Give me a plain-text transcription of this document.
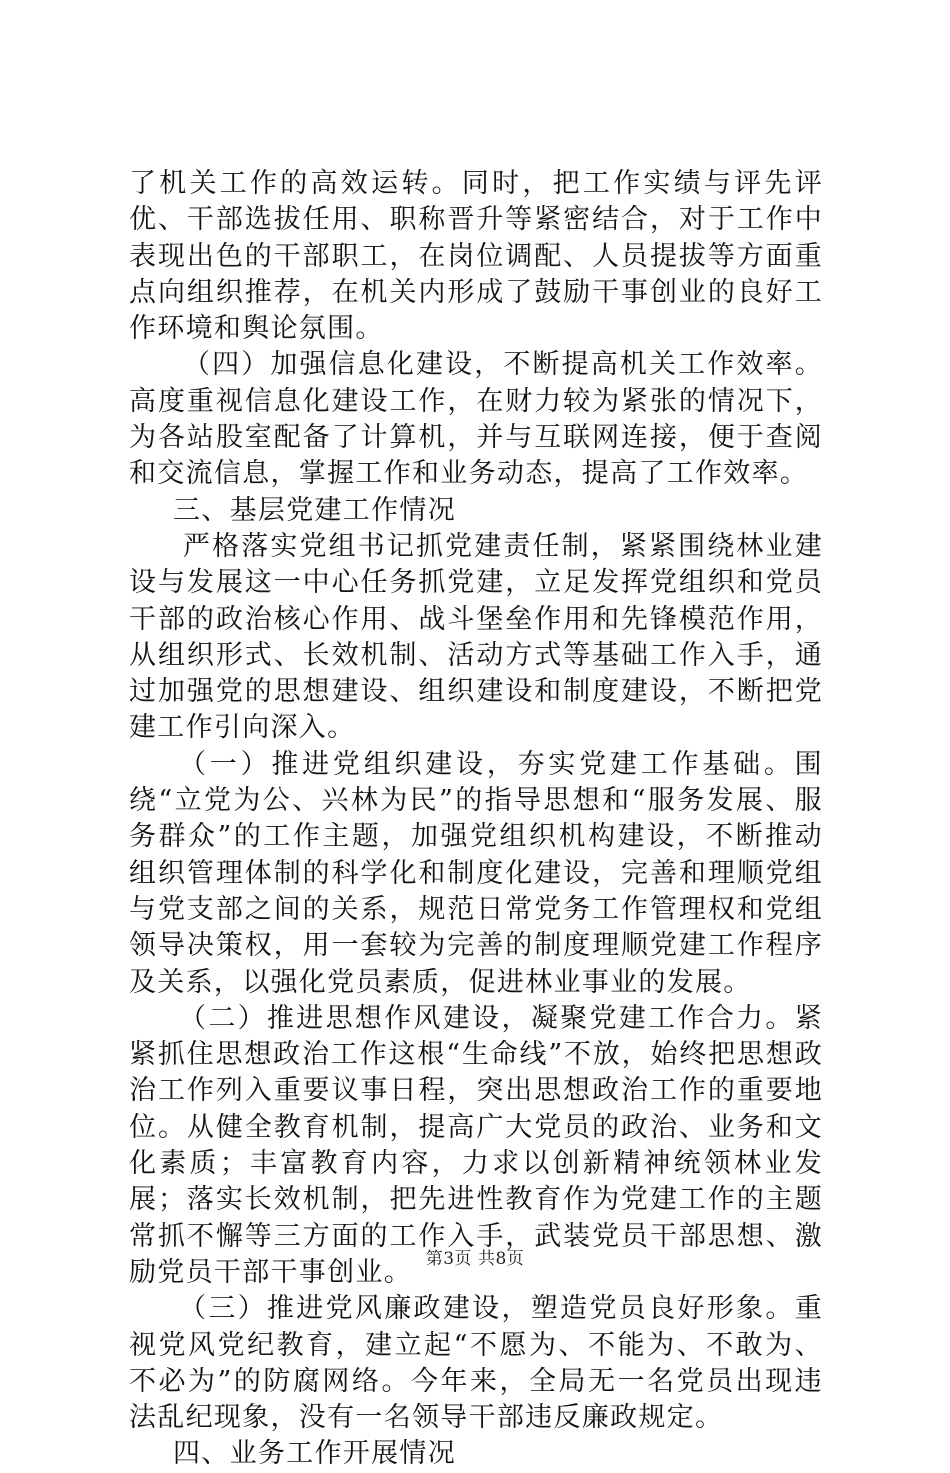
了机关工作的高效运转。同时，把工作实绩与评先评优、干部选拔任用、职称晋升等紧密结合，对于工作中表现出色的干部职工，在岗位调配、人员提拔等方面重点向组织推荐，在机关内形成了鼓励干事创业的良好工作环境和舆论氛围。

（四）加强信息化建设，不断提高机关工作效率。高度重视信息化建设工作，在财力较为紧张的情况下，为各站股室配备了计算机，并与互联网连接，便于查阅和交流信息，掌握工作和业务动态，提高了工作效率。

三、基层党建工作情况

严格落实党组书记抓党建责任制，紧紧围绕林业建设与发展这一中心任务抓党建，立足发挥党组织和党员干部的政治核心作用、战斗堡垒作用和先锋模范作用，从组织形式、长效机制、活动方式等基础工作入手，通过加强党的思想建设、组织建设和制度建设，不断把党建工作引向深入。

（一）推进党组织建设，夯实党建工作基础。围绕“立党为公、兴林为民”的指导思想和“服务发展、服务群众”的工作主题，加强党组织机构建设，不断推动组织管理体制的科学化和制度化建设，完善和理顺党组与党支部之间的关系，规范日常党务工作管理权和党组领导决策权，用一套较为完善的制度理顺党建工作程序及关系，以强化党员素质，促进林业事业的发展。

（二）推进思想作风建设，凝聚党建工作合力。紧紧抓住思想政治工作这根“生命线”不放，始终把思想政治工作列入重要议事日程，突出思想政治工作的重要地位。从健全教育机制，提高广大党员的政治、业务和文化素质；丰富教育内容，力求以创新精神统领林业发展；落实长效机制，把先进性教育作为党建工作的主题常抓不懈等三方面的工作入手，武装党员干部思想、激励党员干部干事创业。

（三）推进党风廉政建设，塑造党员良好形象。重视党风党纪教育，建立起“不愿为、不能为、不敢为、不必为”的防腐网络。今年来，全局无一名党员出现违法乱纪现象，没有一名领导干部违反廉政规定。

四、业务工作开展情况

第3页 共8页
